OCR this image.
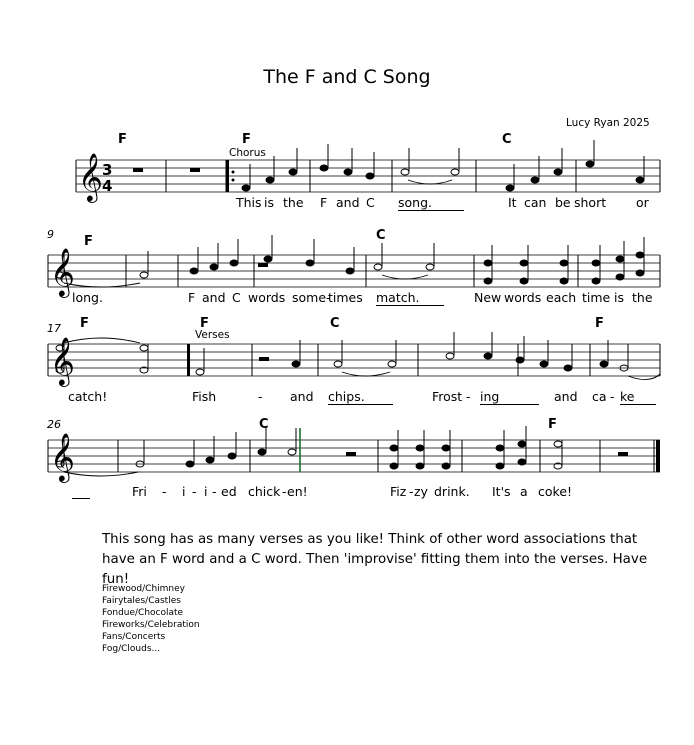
The F and C Song
Lucy Ryan 2025
𝄞
𝄞
𝄞
𝄞
3
4
F	F	C
F	C
F	F	C	F
C	F
Chorus
Verses
9
17
26
This is the F and C song.	It can be short or
long.	F and C words some-
times match.	New words each time is the
catch!	Fish	- and chips.	Frost - ing	and ca - ke
Fri - i - i - ed chick - en!	Fiz - zy drink. It's a coke!
This song has as many verses as you like! Think of other word associations that have an F word and a C word. Then 'improvise' fitting them into the verses. Have fun!
Firewood/Chimney
Fairytales/Castles
Fondue/Chocolate
Fireworks/Celebration
Fans/Concerts
Fog/Clouds...
